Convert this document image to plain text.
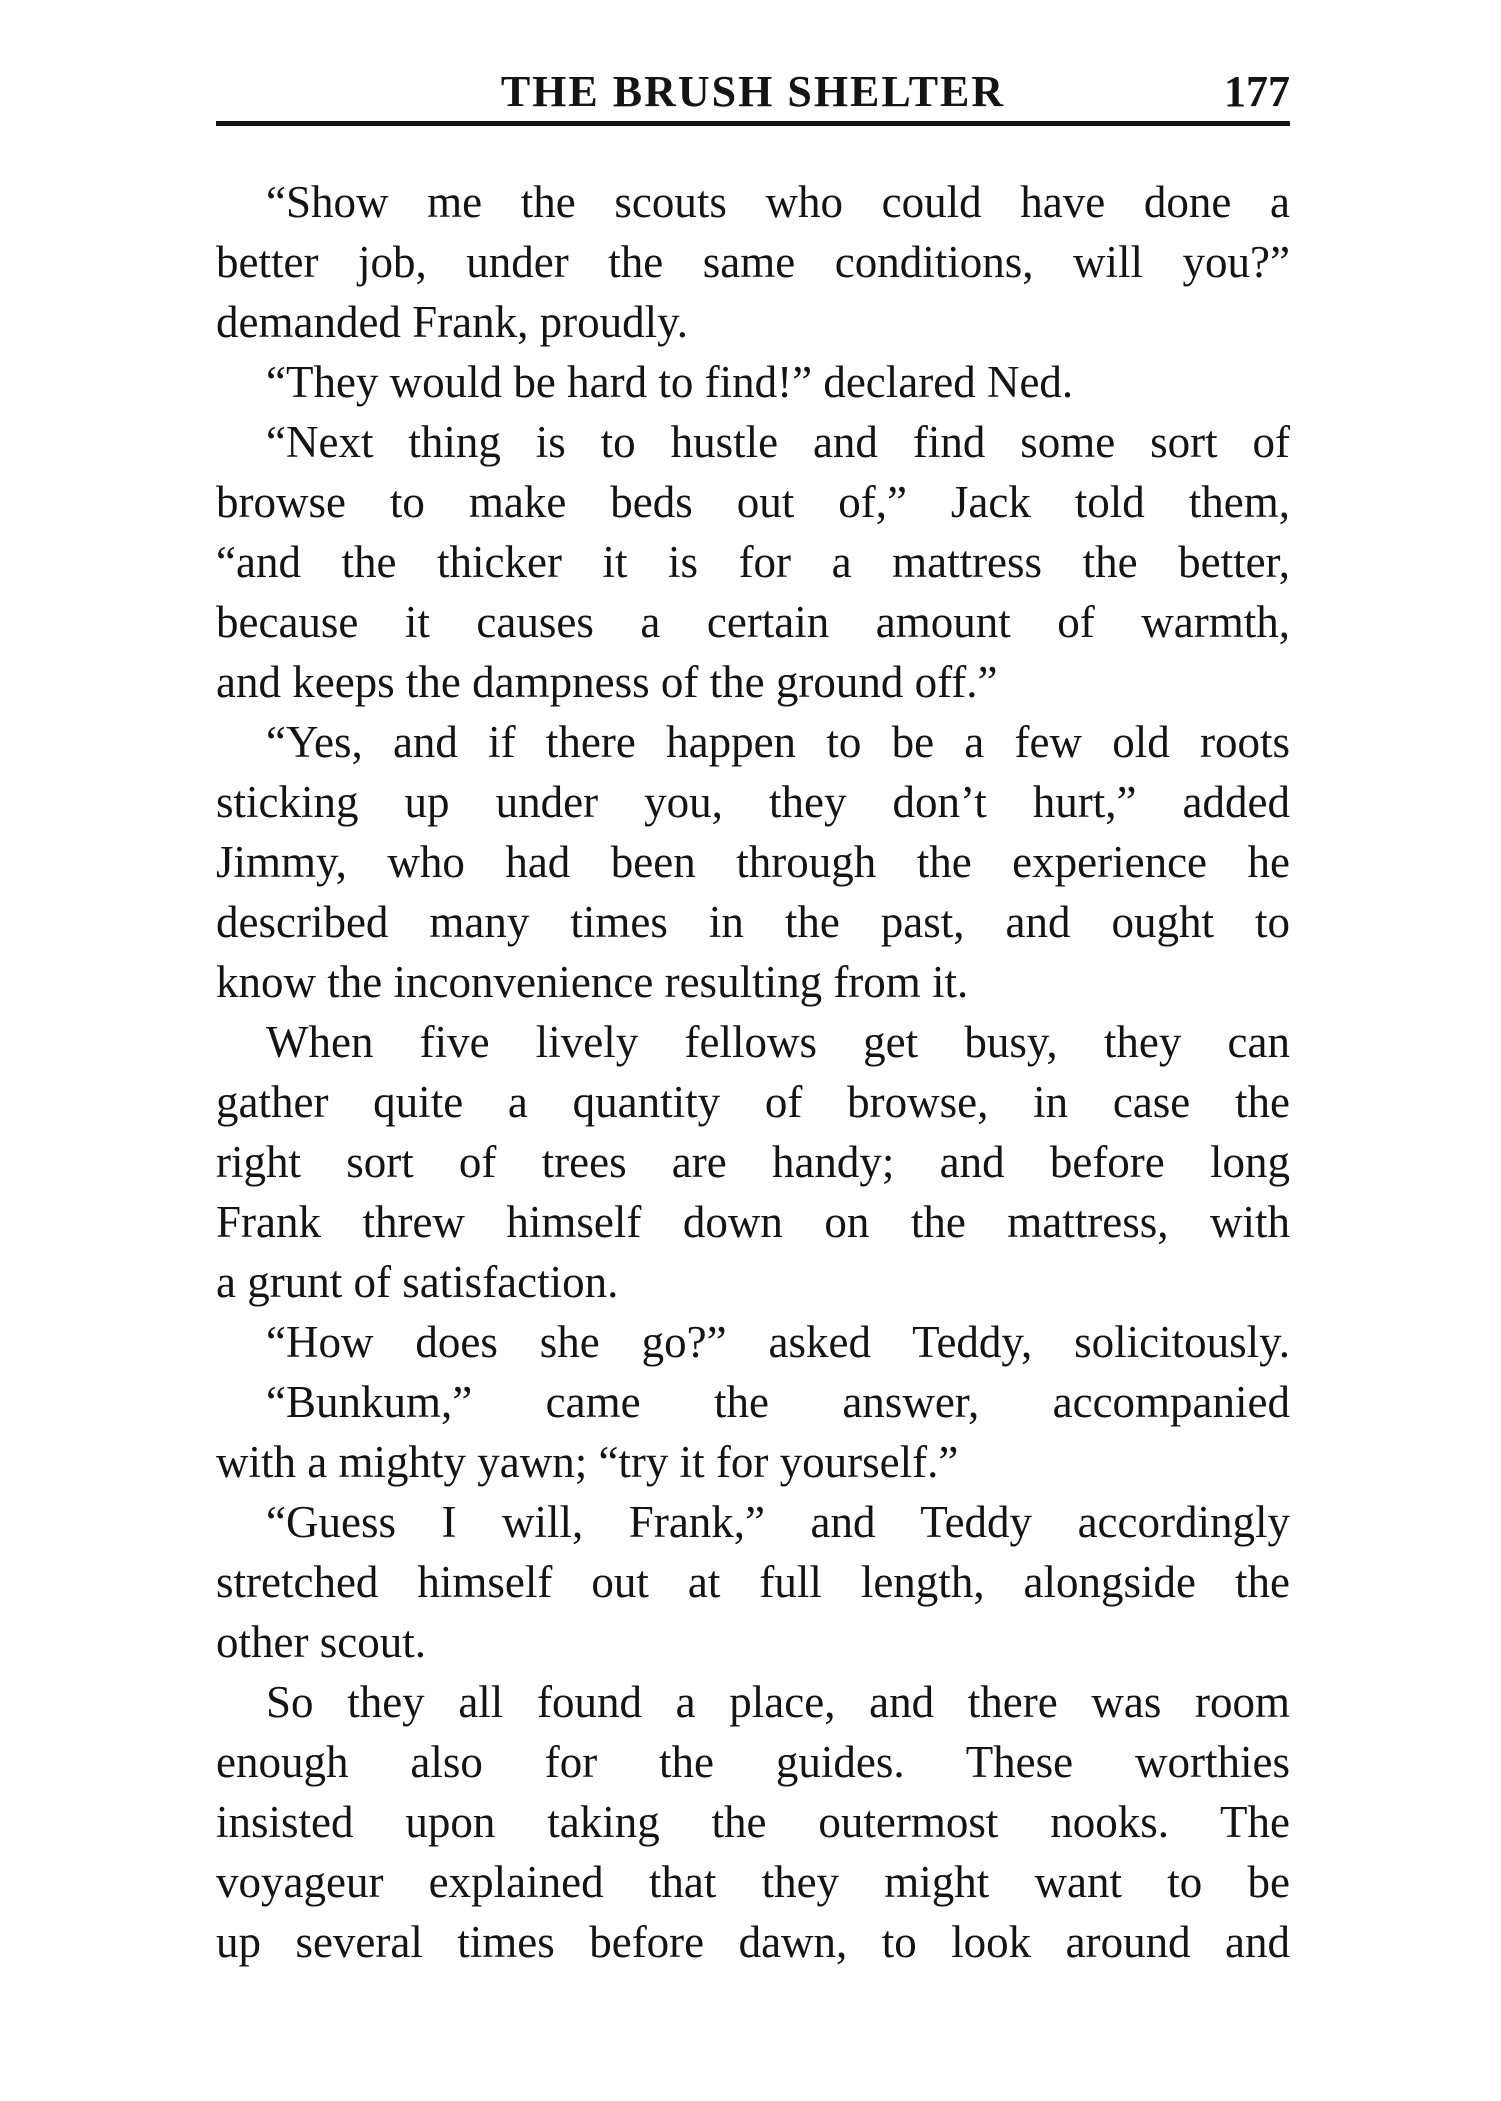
THE BRUSH SHELTER	177
“Show me the scouts who could have done a
better job, under the same conditions, will you?”
demanded Frank, proudly.
“They would be hard to find!” declared Ned.
“Next thing is to hustle and find some sort of
browse to make beds out of,” Jack told them,
“and the thicker it is for a mattress the better,
because it causes a certain amount of warmth,
and keeps the dampness of the ground off.”
“Yes, and if there happen to be a few old roots
sticking up under you, they don’t hurt,” added
Jimmy, who had been through the experience he
described many times in the past, and ought to
know the inconvenience resulting from it.
When five lively fellows get busy, they can
gather quite a quantity of browse, in case the
right sort of trees are handy; and before long
Frank threw himself down on the mattress, with
a grunt of satisfaction.
“How does she go?” asked Teddy, solicitously.
“Bunkum,” came the answer, accompanied
with a mighty yawn; “try it for yourself.”
“Guess I will, Frank,” and Teddy accordingly
stretched himself out at full length, alongside the
other scout.
So they all found a place, and there was room
enough also for the guides. These worthies
insisted upon taking the outermost nooks. The
voyageur explained that they might want to be
up several times before dawn, to look around and
